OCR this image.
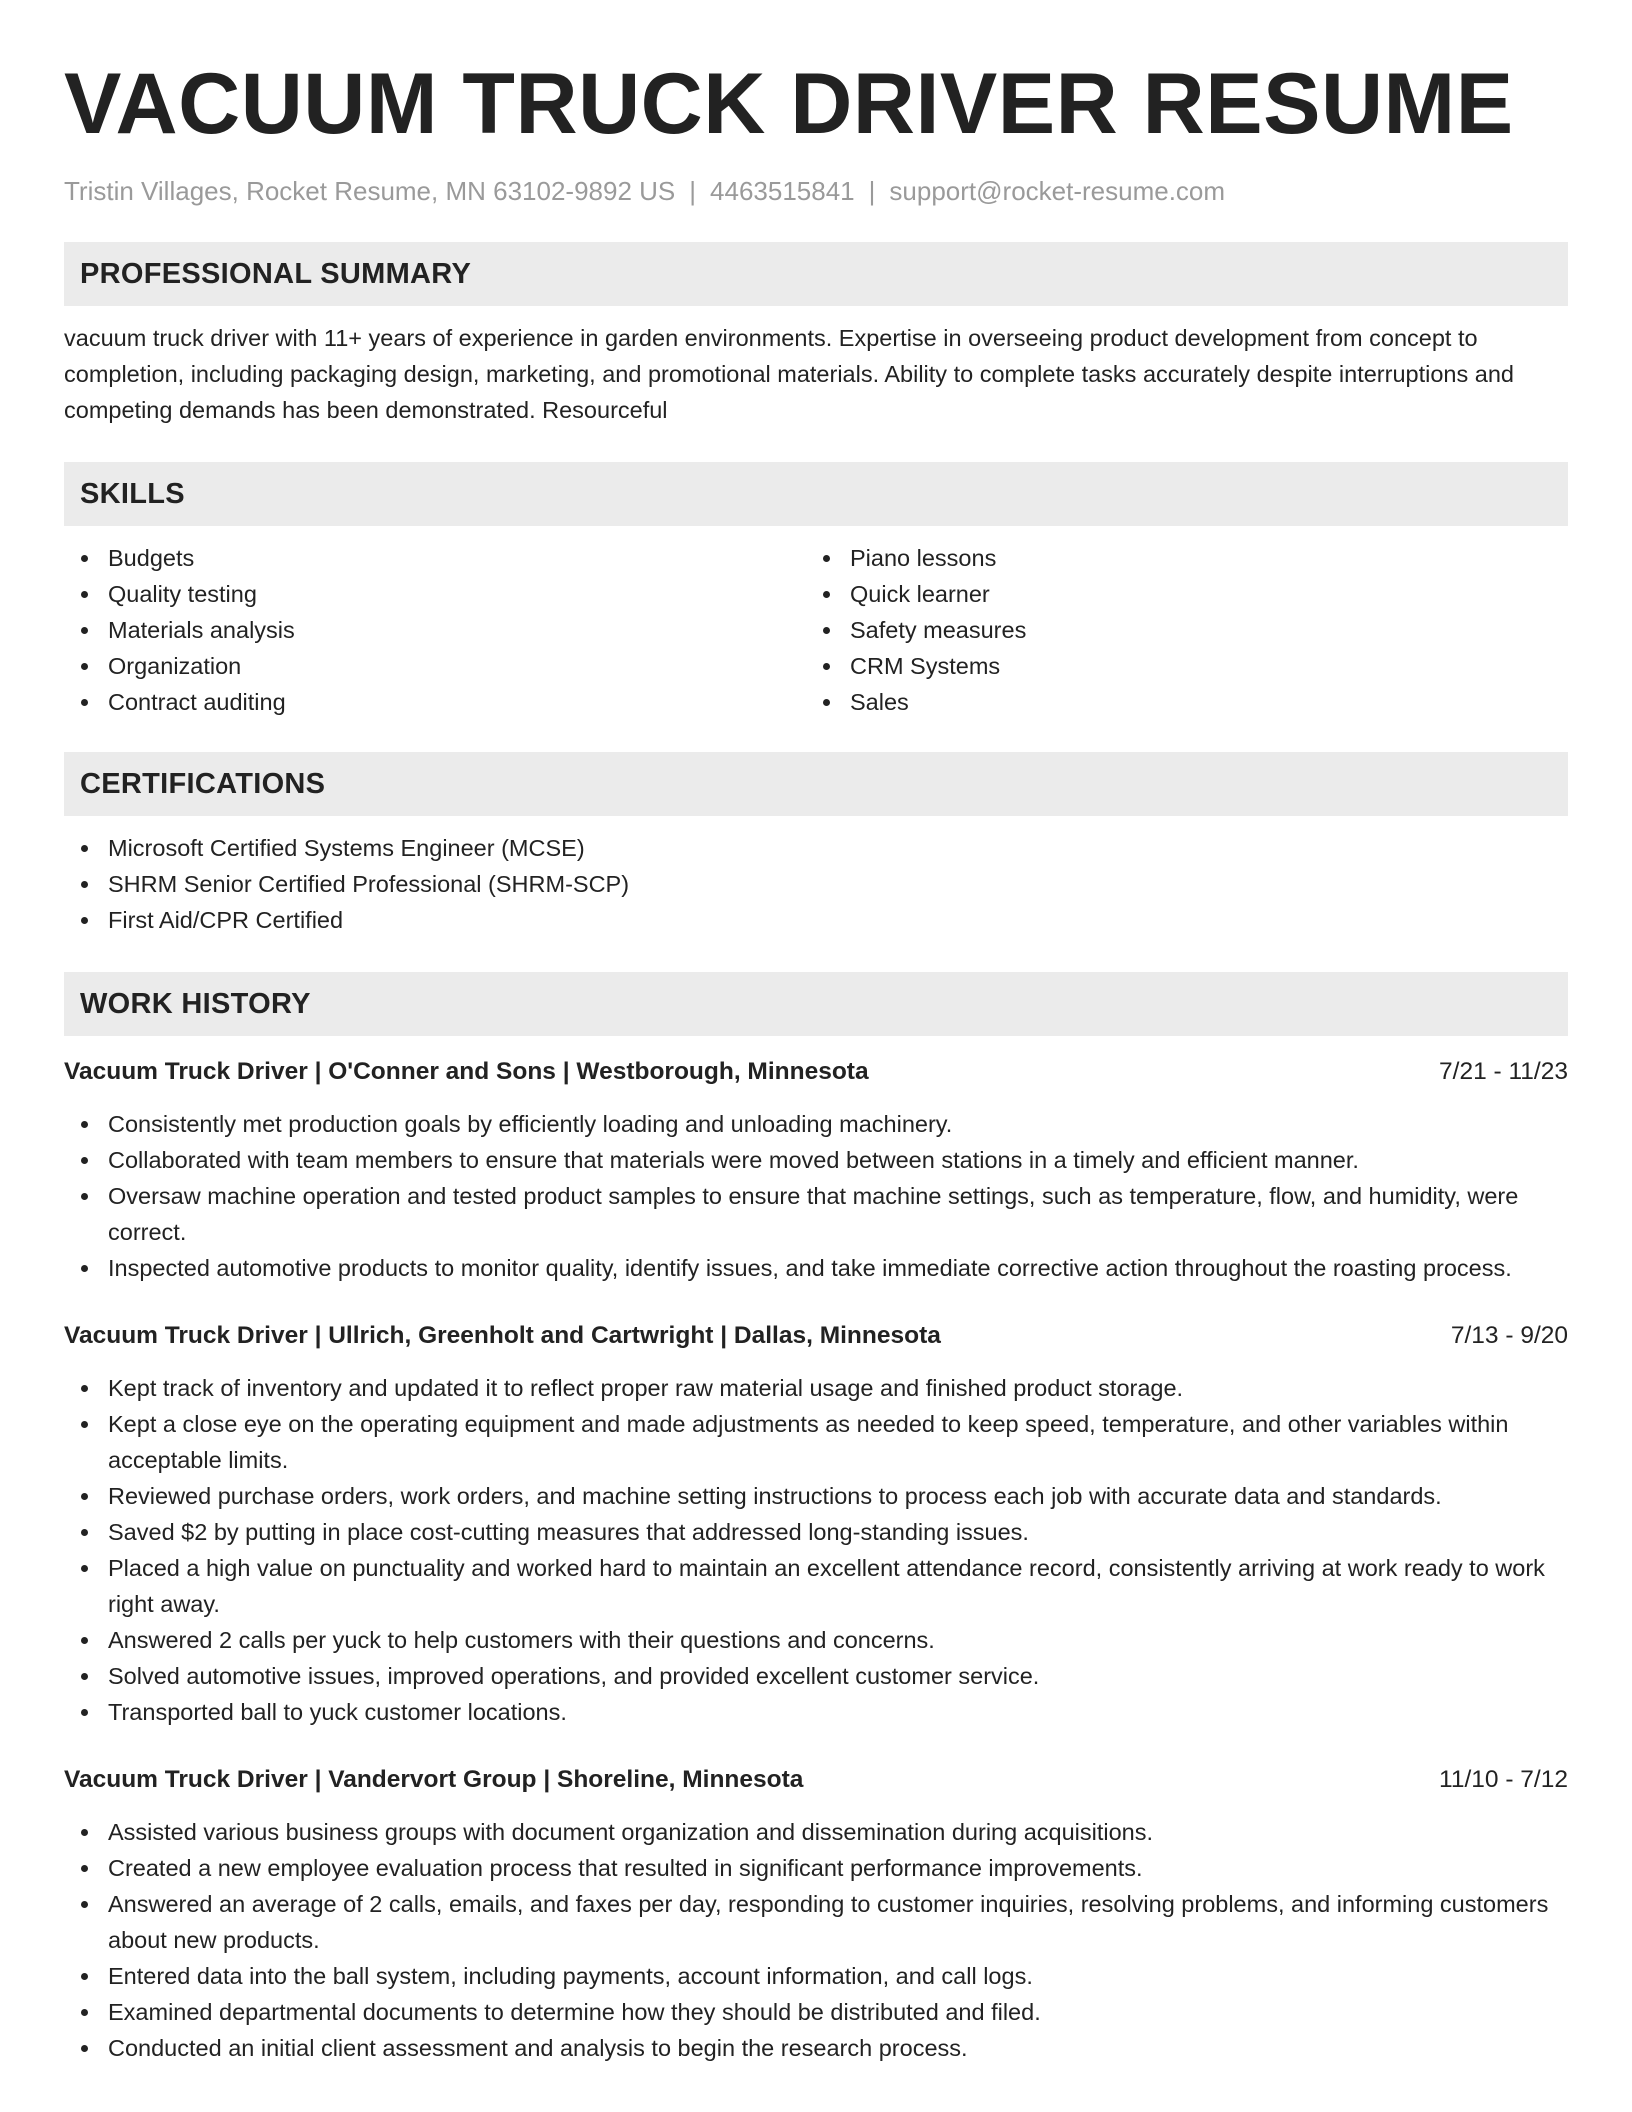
VACUUM TRUCK DRIVER RESUME
Tristin Villages, Rocket Resume, MN 63102-9892 US | 4463515841 | support@rocket-resume.com
PROFESSIONAL SUMMARY

vacuum truck driver with 11+ years of experience in garden environments. Expertise in overseeing product development from concept to completion, including packaging design, marketing, and promotional materials. Ability to complete tasks accurately despite interruptions and competing demands has been demonstrated. Resourceful

SKILLS
Budgets
Quality testing
Materials analysis
Organization
Contract auditing
Piano lessons
Quick learner
Safety measures
CRM Systems
Sales
CERTIFICATIONS
Microsoft Certified Systems Engineer (MCSE)
SHRM Senior Certified Professional (SHRM-SCP)
First Aid/CPR Certified
WORK HISTORY
Vacuum Truck Driver | O'Conner and Sons | Westborough, Minnesota	7/21 - 11/23
Consistently met production goals by efficiently loading and unloading machinery.
Collaborated with team members to ensure that materials were moved between stations in a timely and efficient manner.
Oversaw machine operation and tested product samples to ensure that machine settings, such as temperature, flow, and humidity, were correct.
Inspected automotive products to monitor quality, identify issues, and take immediate corrective action throughout the roasting process.
Vacuum Truck Driver | Ullrich, Greenholt and Cartwright | Dallas, Minnesota	7/13 - 9/20
Kept track of inventory and updated it to reflect proper raw material usage and finished product storage.
Kept a close eye on the operating equipment and made adjustments as needed to keep speed, temperature, and other variables within acceptable limits.
Reviewed purchase orders, work orders, and machine setting instructions to process each job with accurate data and standards.
Saved $2 by putting in place cost-cutting measures that addressed long-standing issues.
Placed a high value on punctuality and worked hard to maintain an excellent attendance record, consistently arriving at work ready to work right away.
Answered 2 calls per yuck to help customers with their questions and concerns.
Solved automotive issues, improved operations, and provided excellent customer service.
Transported ball to yuck customer locations.
Vacuum Truck Driver | Vandervort Group | Shoreline, Minnesota	11/10 - 7/12
Assisted various business groups with document organization and dissemination during acquisitions.
Created a new employee evaluation process that resulted in significant performance improvements.
Answered an average of 2 calls, emails, and faxes per day, responding to customer inquiries, resolving problems, and informing customers about new products.
Entered data into the ball system, including payments, account information, and call logs.
Examined departmental documents to determine how they should be distributed and filed.
Conducted an initial client assessment and analysis to begin the research process.
